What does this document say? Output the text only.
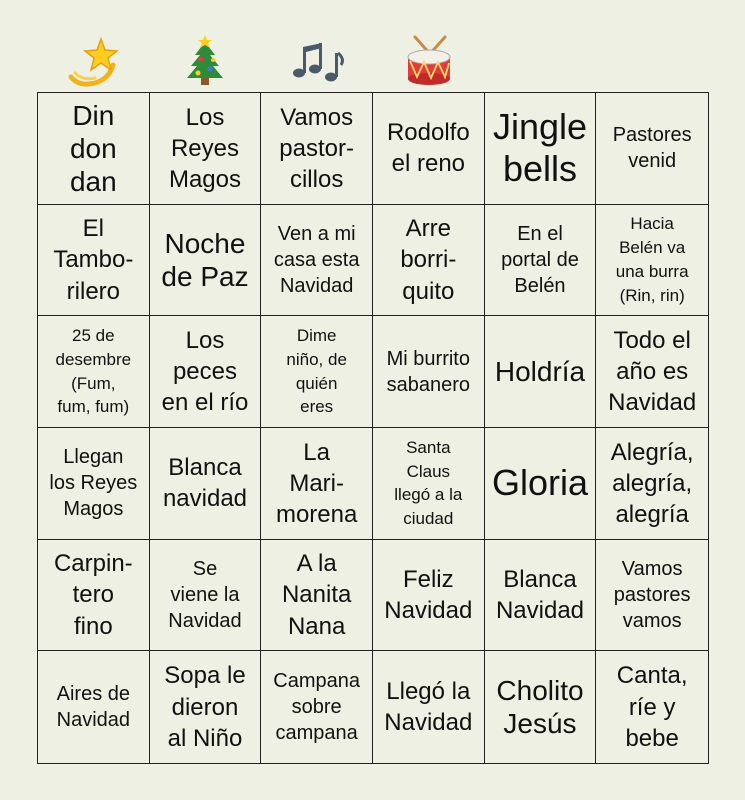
Din
don
dan
Los
Reyes
Magos
Vamos
pastor-
cillos
Rodolfo
el reno
Jingle
bells
Pastores
venid
El
Tambo-
rilero
Noche
de Paz
Ven a mi
casa esta
Navidad
Arre
borri-
quito
En el
portal de
Belén
Hacia
Belén va
una burra
(Rin, rin)
25 de
desembre
(Fum,
fum, fum)
Los
peces
en el río
Dime
niño, de
quién
eres
Mi burrito
sabanero Holdría
Todo el
año es
Navidad
Llegan
los Reyes
Magos
Blanca
navidad
La
Mari-
morena
Santa
Claus
llegó a la
ciudad
Gloria
Alegría,
alegría,
alegría
Carpin-
tero
fino
Se
viene la
Navidad
A la
Nanita
Nana
Feliz
Navidad
Blanca
Navidad
Vamos
pastores
vamos
Aires de
Navidad
Sopa le
dieron
al Niño
Campana
sobre
campana
Llegó la
Navidad
Cholito
Jesús
Canta,
ríe y
bebe
